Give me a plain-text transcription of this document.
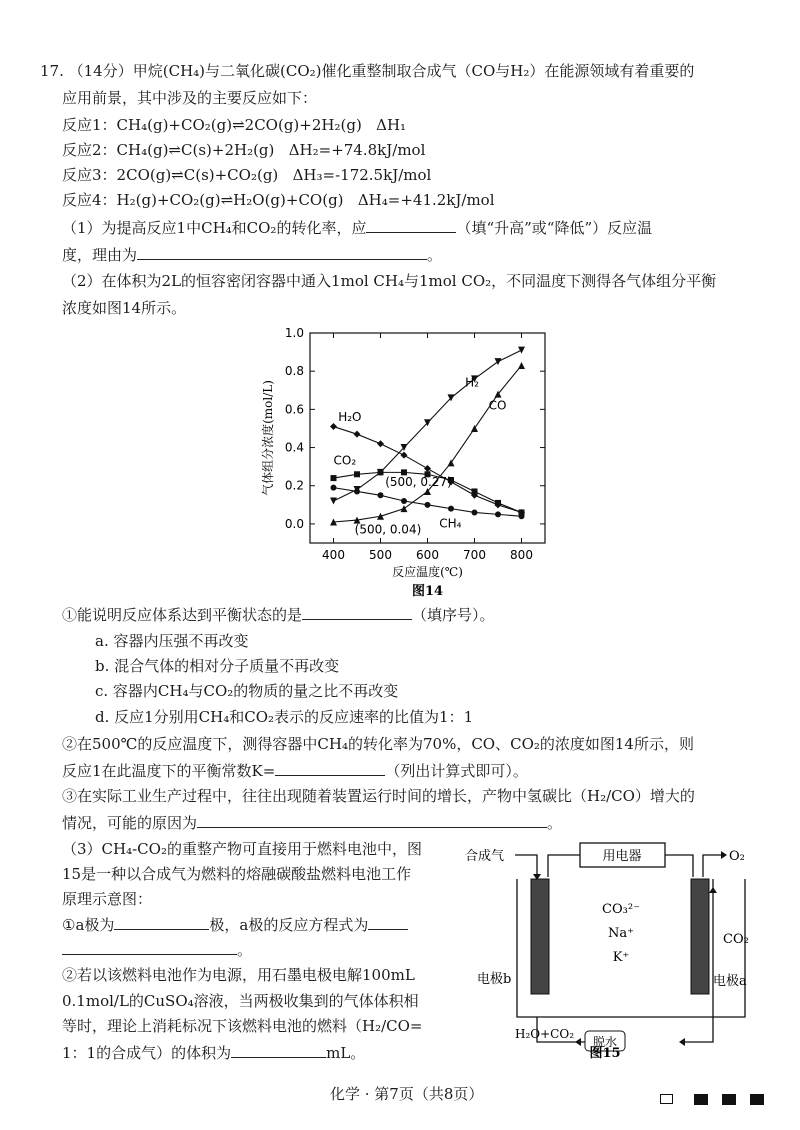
17. （14分）甲烷(CH₄)与二氧化碳(CO₂)催化重整制取合成气（CO与H₂）在能源领域有着重要的
应用前景，其中涉及的主要反应如下：
反应1：CH₄(g)+CO₂(g)⇌2CO(g)+2H₂(g) ΔH₁
反应2：CH₄(g)⇌C(s)+2H₂(g) ΔH₂=+74.8kJ/mol
反应3：2CO(g)⇌C(s)+CO₂(g) ΔH₃=-172.5kJ/mol
反应4：H₂(g)+CO₂(g)⇌H₂O(g)+CO(g) ΔH₄=+41.2kJ/mol
（1）为提高反应1中CH₄和CO₂的转化率，应	（填“升高”或“降低”）反应温
度，理由为	。
（2）在体积为2L的恒容密闭容器中通入1mol CH₄与1mol CO₂，不同温度下测得各气体组分平衡
浓度如图14所示。
400 500 600 700 800
0.0
0.2
0.4
0.6
0.8
1.0
反应温度(℃)
气体组分浓度(mol/L)
图14
H₂
CO
H₂O
CO₂
CH₄
(500, 0.27)
(500, 0.04)
①能说明反应体系达到平衡状态的是	（填序号）。
a. 容器内压强不再改变
b. 混合气体的相对分子质量不再改变
c. 容器内CH₄与CO₂的物质的量之比不再改变
d. 反应1分别用CH₄和CO₂表示的反应速率的比值为1：1
②在500℃的反应温度下，测得容器中CH₄的转化率为70%，CO、CO₂的浓度如图14所示，则
反应1在此温度下的平衡常数K=	（列出计算式即可）。
③在实际工业生产过程中，往往出现随着装置运行时间的增长，产物中氢碳比（H₂/CO）增大的
情况，可能的原因为	。
（3）CH₄-CO₂的重整产物可直接用于燃料电池中，图
15是一种以合成气为燃料的熔融碳酸盐燃料电池工作
原理示意图：
①a极为	极，a极的反应方程式为
。
②若以该燃料电池作为电源，用石墨电极电解100mL
0.1mol/L的CuSO₄溶液，当两极收集到的气体体积相
等时，理论上消耗标况下该燃料电池的燃料（H₂/CO=
1：1的合成气）的体积为	mL。
用电器
脱水
合成气	O₂
CO₂
CO₃²⁻
Na⁺
K⁺
电极b	电极a
H₂O+CO₂
图15
化学 · 第7页（共8页）
